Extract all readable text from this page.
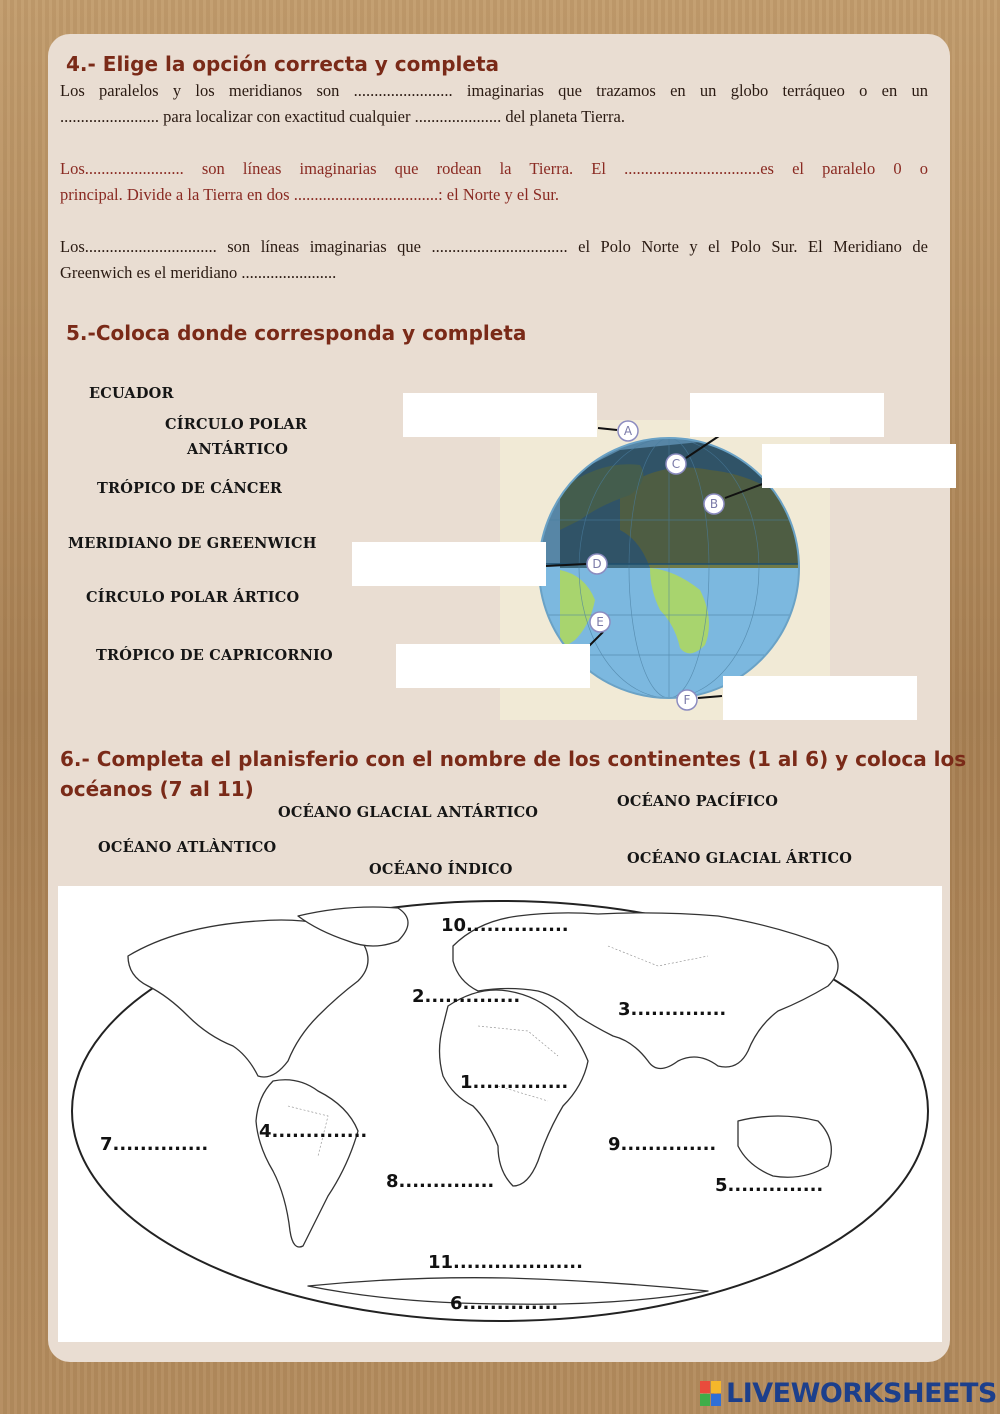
4.- Elige la opción correcta y completa
Los paralelos y los meridianos son ........................ imaginarias que trazamos en un globo terráqueo o en un
........................ para localizar con exactitud cualquier ..................... del planeta Tierra.
Los........................ son líneas imaginarias que rodean la Tierra. El .................................es el paralelo 0 o
principal. Divide a la Tierra en dos ...................................: el Norte y el Sur.
Los................................ son líneas imaginarias que ................................. el Polo Norte y el Polo Sur. El Meridiano de
Greenwich es el meridiano .......................
5.-Coloca donde corresponda y completa
ECUADOR
CÍRCULO POLAR
ANTÁRTICO
TRÓPICO DE CÁNCER
MERIDIANO DE GREENWICH
CÍRCULO POLAR ÁRTICO
TRÓPICO DE CAPRICORNIO
A
C
B
D
E
F
6.- Completa el planisferio con el nombre de los continentes (1 al 6) y coloca los
océanos (7 al 11)
OCÉANO GLACIAL ANTÁRTICO
OCÉANO PACÍFICO
OCÉANO ATLÀNTICO
OCÉANO ÍNDICO
OCÉANO GLACIAL ÁRTICO
10...............
2..............
3..............
1..............
4..............
7..............	9..............
8..............	5..............
11...................
6..............
LIVEWORKSHEETS
